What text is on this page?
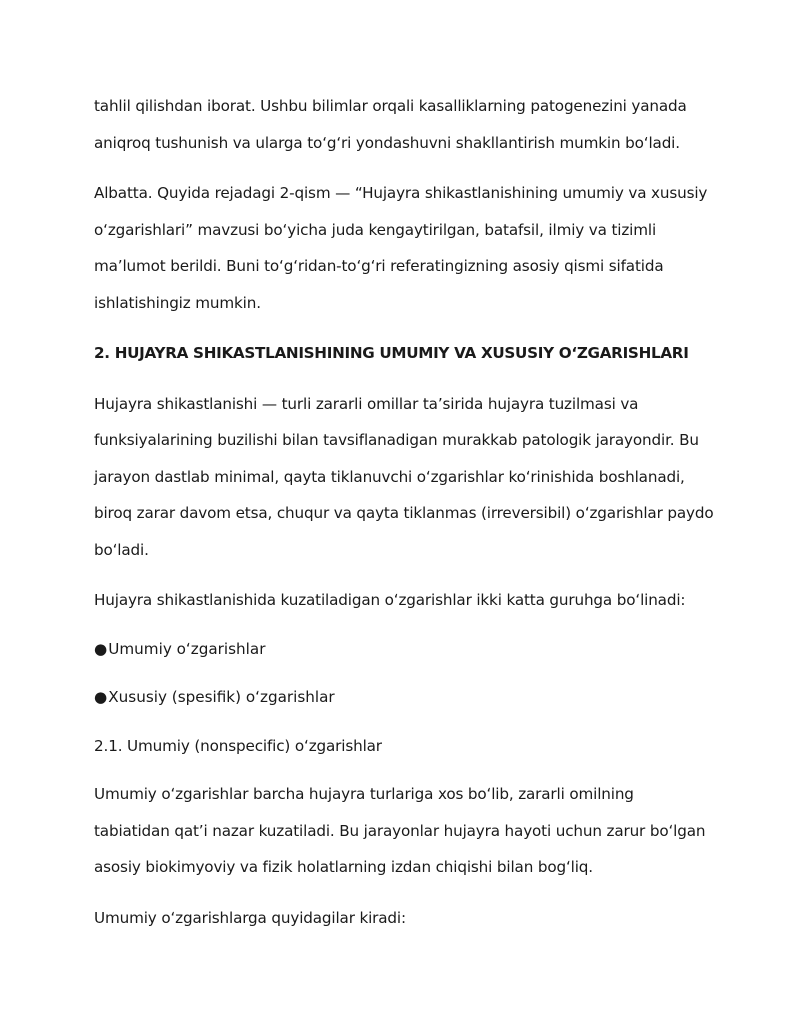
tahlil qilishdan iborat. Ushbu bilimlar orqali kasalliklarning patogenezini yanada aniqroq tushunish va ularga to‘g‘ri yondashuvni shakllantirish mumkin bo‘ladi.

Albatta. Quyida rejadagi 2-qism — “Hujayra shikastlanishining umumiy va xususiy o‘zgarishlari” mavzusi bo‘yicha juda kengaytirilgan, batafsil, ilmiy va tizimli ma’lumot berildi. Buni to‘g‘ridan-to‘g‘ri referatingizning asosiy qismi sifatida ishlatishingiz mumkin.

2. HUJAYRA SHIKASTLANISHINING UMUMIY VA XUSUSIY O‘ZGARISHLARI

Hujayra shikastlanishi — turli zararli omillar ta’sirida hujayra tuzilmasi va funksiyalarining buzilishi bilan tavsiflanadigan murakkab patologik jarayondir. Bu jarayon dastlab minimal, qayta tiklanuvchi oʻzgarishlar koʻrinishida boshlanadi, biroq zarar davom etsa, chuqur va qayta tiklanmas (irreversibil) oʻzgarishlar paydo boʻladi.

Hujayra shikastlanishida kuzatiladigan oʻzgarishlar ikki katta guruhga boʻlinadi:

●Umumiy oʻzgarishlar

●Xususiy (spesifik) oʻzgarishlar

2.1. Umumiy (nonspecific) oʻzgarishlar

Umumiy oʻzgarishlar barcha hujayra turlariga xos boʻlib, zararli omilning tabiatidan qat’i nazar kuzatiladi. Bu jarayonlar hujayra hayoti uchun zarur boʻlgan asosiy biokimyoviy va fizik holatlarning izdan chiqishi bilan bogʻliq.

Umumiy oʻzgarishlarga quyidagilar kiradi:
